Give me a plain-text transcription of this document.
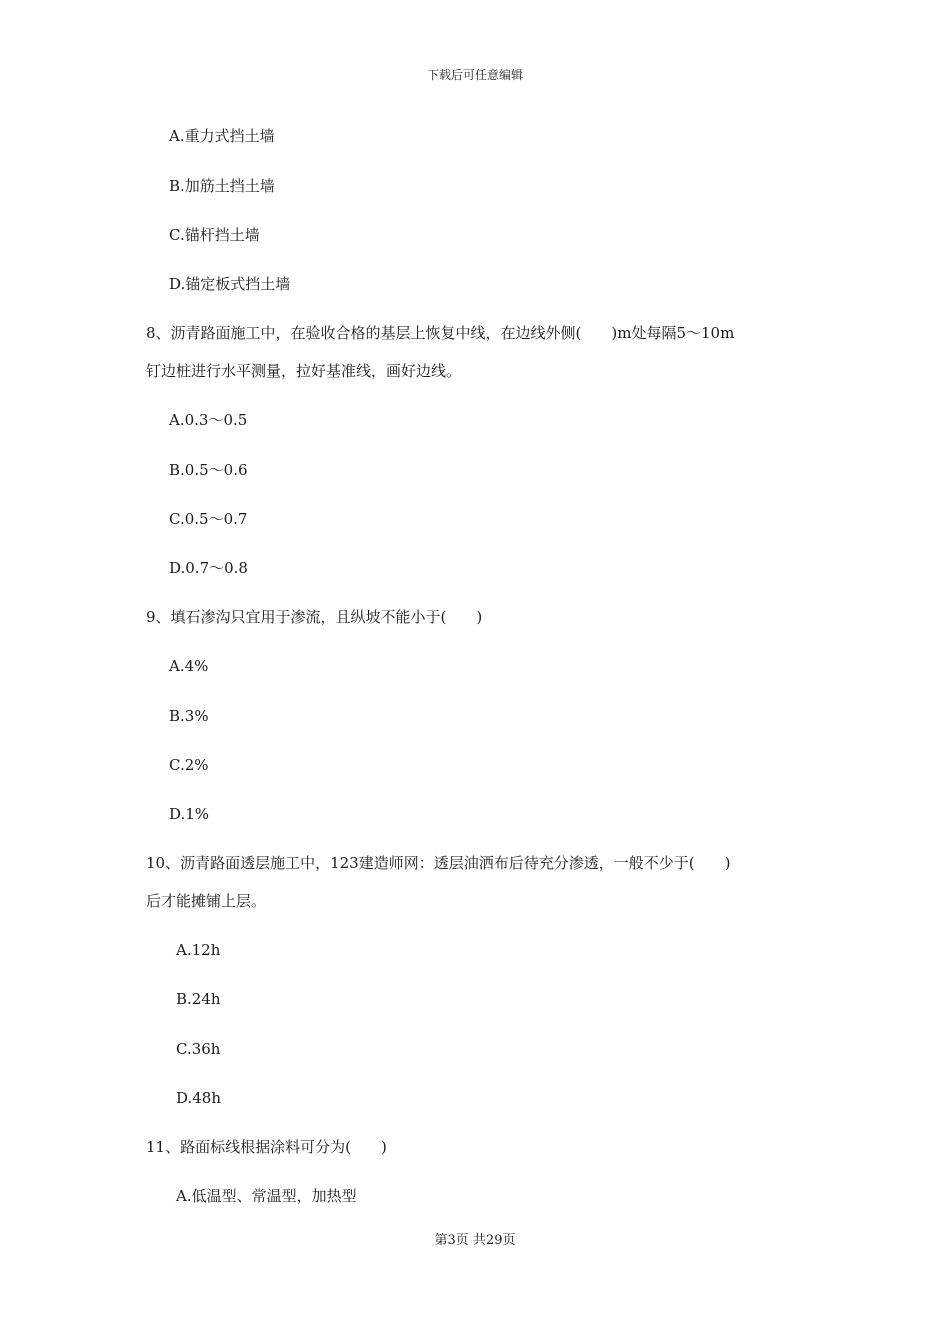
下载后可任意编辑
A.重力式挡土墙
B.加筋土挡土墙
C.锚杆挡土墙
D.锚定板式挡土墙
8、沥青路面施工中，在验收合格的基层上恢复中线，在边线外侧(　　)m处每隔5～10m
钉边桩进行水平测量，拉好基准线，画好边线。
A.0.3～0.5
B.0.5～0.6
C.0.5～0.7
D.0.7～0.8
9、填石渗沟只宜用于渗流，且纵坡不能小于(　　)
A.4%
B.3%
C.2%
D.1%
10、沥青路面透层施工中，123建造师网：透层油洒布后待充分渗透，一般不少于(　　)
后才能摊铺上层。
A.12h
B.24h
C.36h
D.48h
11、路面标线根据涂料可分为(　　)
A.低温型、常温型，加热型
第3页 共29页
